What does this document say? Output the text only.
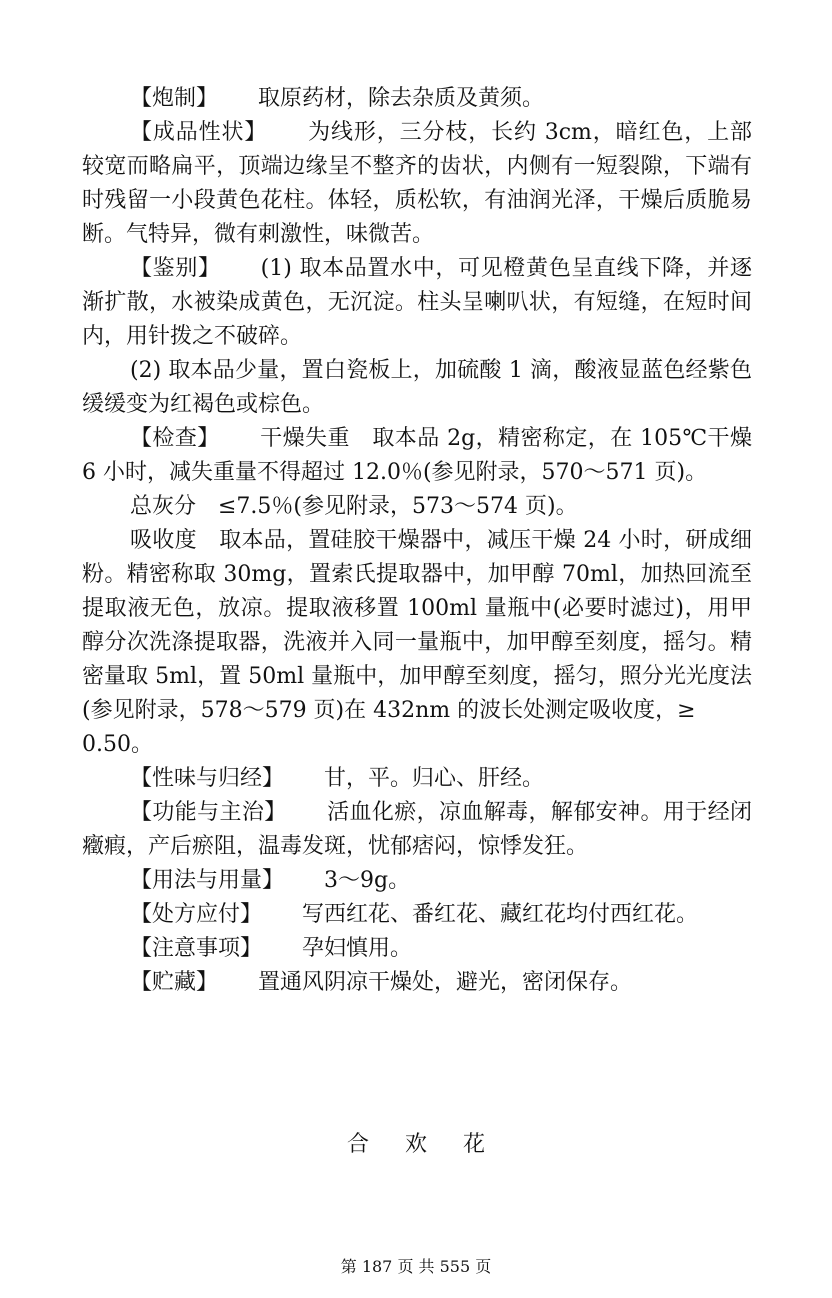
【炮制】 取原药材，除去杂质及黄须。

【成品性状】 为线形，三分枝，长约 3cm，暗红色，上部较宽而略扁平，顶端边缘呈不整齐的齿状，内侧有一短裂隙，下端有时残留一小段黄色花柱。体轻，质松软，有油润光泽，干燥后质脆易断。气特异，微有刺激性，味微苦。

【鉴别】 (1) 取本品置水中，可见橙黄色呈直线下降，并逐渐扩散，水被染成黄色，无沉淀。柱头呈喇叭状，有短缝，在短时间内，用针拨之不破碎。

(2) 取本品少量，置白瓷板上，加硫酸 1 滴，酸液显蓝色经紫色缓缓变为红褐色或棕色。

【检查】 干燥失重　取本品 2g，精密称定，在 105℃干燥 6 小时，减失重量不得超过 12.0％(参见附录，570～571 页)。

总灰分　≤7.5％(参见附录，573～574 页)。

吸收度　取本品，置硅胶干燥器中，减压干燥 24 小时，研成细粉。精密称取 30mg，置索氏提取器中，加甲醇 70ml，加热回流至提取液无色，放凉。提取液移置 100ml 量瓶中(必要时滤过)，用甲醇分次洗涤提取器，洗液并入同一量瓶中，加甲醇至刻度，摇匀。精密量取 5ml，置 50ml 量瓶中，加甲醇至刻度，摇匀，照分光光度法(参见附录，578～579 页)在 432nm 的波长处测定吸收度，≥

0.50。

【性味与归经】 甘，平。归心、肝经。

【功能与主治】 活血化瘀，凉血解毒，解郁安神。用于经闭癥瘕，产后瘀阻，温毒发斑，忧郁痞闷，惊悸发狂。

【用法与用量】 3～9g。

【处方应付】 写西红花、番红花、藏红花均付西红花。

【注意事项】 孕妇慎用。

【贮藏】 置通风阴凉干燥处，避光，密闭保存。

合欢花
第 187 页 共 555 页
